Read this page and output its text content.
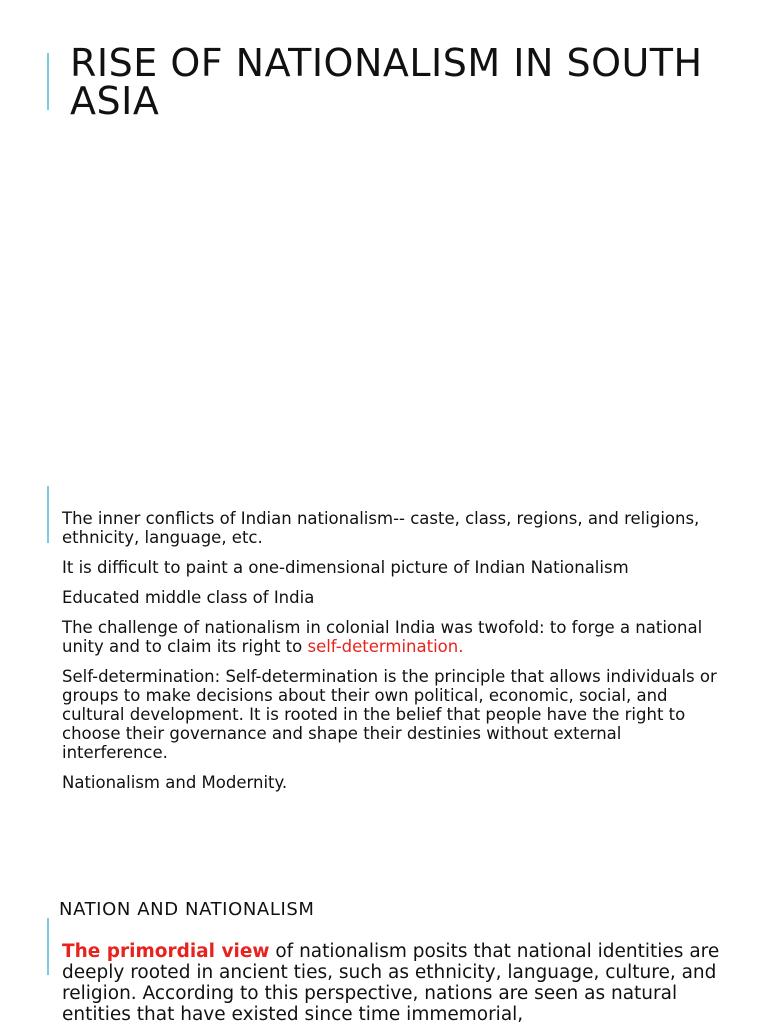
RISE OF NATIONALISM IN SOUTH ASIA
The inner conflicts of Indian nationalism-- caste, class, regions, and religions, ethnicity, language, etc.
It is difficult to paint a one-dimensional picture of Indian Nationalism
Educated middle class of India
The challenge of nationalism in colonial India was twofold: to forge a national unity and to claim its right to self-determination.
Self-determination: Self-determination is the principle that allows individuals or groups to make decisions about their own political, economic, social, and cultural development. It is rooted in the belief that people have the right to choose their governance and shape their destinies without external interference.
Nationalism and Modernity.
NATION AND NATIONALISM

The primordial view of nationalism posits that national identities are deeply rooted in ancient ties, such as ethnicity, language, culture, and religion. According to this perspective, nations are seen as natural entities that have existed since time immemorial,
